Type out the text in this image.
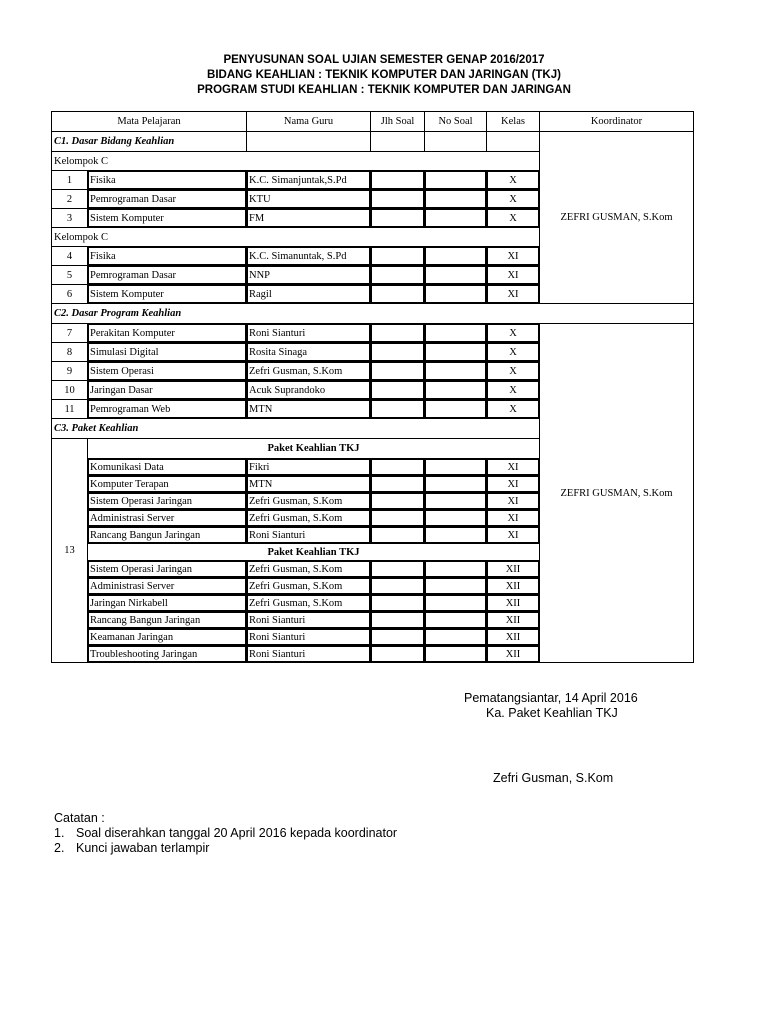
PENYUSUNAN SOAL UJIAN SEMESTER GENAP 2016/2017
BIDANG KEAHLIAN : TEKNIK KOMPUTER DAN JARINGAN (TKJ)
PROGRAM STUDI KEAHLIAN : TEKNIK KOMPUTER DAN JARINGAN
Mata Pelajaran		Nama Guru	Jlh Soal	No Soal	Kelas	Koordinator
C1. Dasar Bidang Keahlian						ZEFRI GUSMAN, S.Kom
Kelompok C						
1	Fisika	K.C. Simanjuntak,S.Pd			X	
2	Pemrograman Dasar	KTU			X	
3	Sistem Komputer	FM			X	
Kelompok C						
4	Fisika	K.C. Simanuntak, S.Pd			XI	
5	Pemrograman Dasar	NNP			XI	
6	Sistem Komputer	Ragil			XI	
C2. Dasar Program Keahlian						
7	Perakitan Komputer	Roni Sianturi			X	ZEFRI GUSMAN, S.Kom
8	Simulasi Digital	Rosita Sinaga			X	
9	Sistem Operasi	Zefri Gusman, S.Kom			X	
10	Jaringan Dasar	Acuk Suprandoko			X	
11	Pemrograman Web	MTN			X	
C3. Paket Keahlian						
13	Paket Keahlian TKJ					
	Komunikasi Data	Fikri			XI	
	Komputer Terapan	MTN			XI	
	Sistem Operasi Jaringan	Zefri Gusman, S.Kom			XI	
	Administrasi Server	Zefri Gusman, S.Kom			XI	
	Rancang Bangun Jaringan	Roni Sianturi			XI	
	Paket Keahlian TKJ					
	Sistem Operasi Jaringan	Zefri Gusman, S.Kom			XII	
	Administrasi Server	Zefri Gusman, S.Kom			XII	
	Jaringan Nirkabell	Zefri Gusman, S.Kom			XII	
	Rancang Bangun Jaringan	Roni Sianturi			XII	
	Keamanan Jaringan	Roni Sianturi			XII	
	Troubleshooting Jaringan	Roni Sianturi			XII	
Pematangsiantar, 14 April 2016
Ka. Paket Keahlian TKJ
Zefri Gusman, S.Kom
Catatan :
1. Soal diserahkan tanggal 20 April 2016 kepada koordinator
2. Kunci jawaban terlampir
